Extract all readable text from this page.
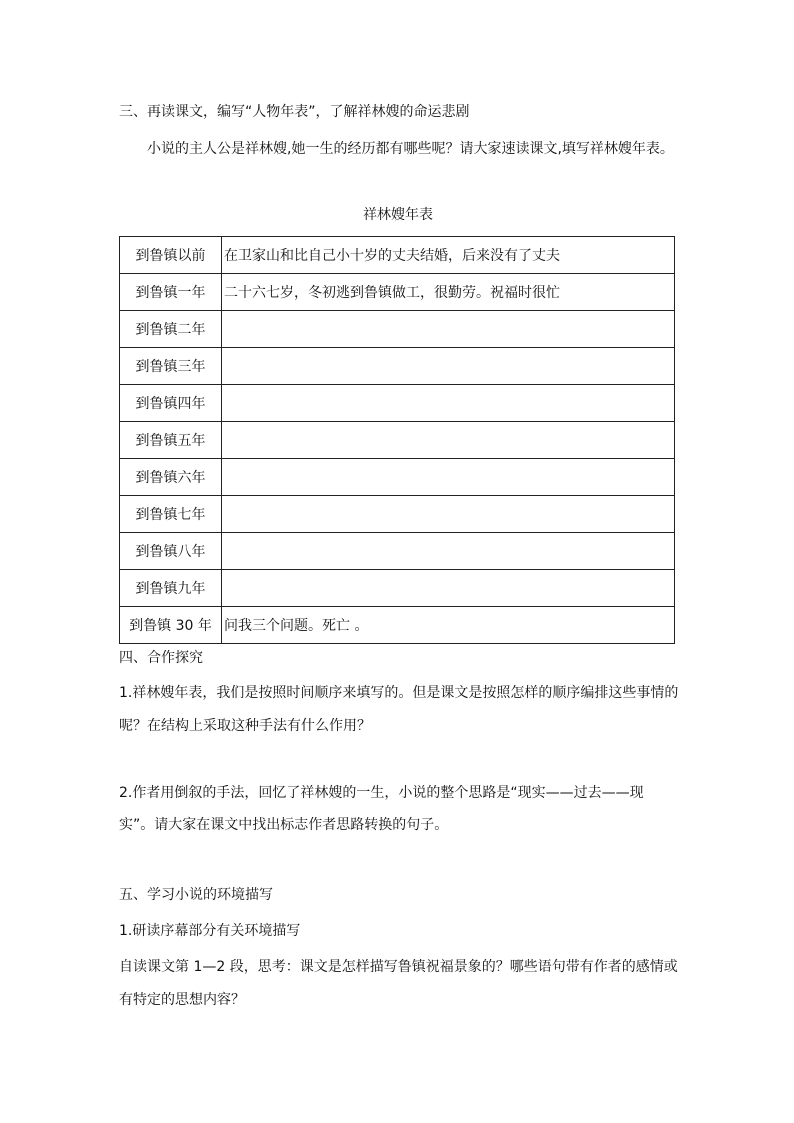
三、再读课文，编写“人物年表”，了解祥林嫂的命运悲剧
小说的主人公是祥林嫂,她一生的经历都有哪些呢？请大家速读课文,填写祥林嫂年表。
祥林嫂年表
到鲁镇以前	在卫家山和比自己小十岁的丈夫结婚，后来没有了丈夫
到鲁镇一年	二十六七岁，冬初逃到鲁镇做工，很勤劳。祝福时很忙
到鲁镇二年	
到鲁镇三年	
到鲁镇四年	
到鲁镇五年	
到鲁镇六年	
到鲁镇七年	
到鲁镇八年	
到鲁镇九年	
到鲁镇 30 年	问我三个问题。死亡 。
四、合作探究
1.祥林嫂年表，我们是按照时间顺序来填写的。但是课文是按照怎样的顺序编排这些事情的
呢？在结构上采取这种手法有什么作用？
2.作者用倒叙的手法，回忆了祥林嫂的一生，小说的整个思路是“现实——过去——现
实”。请大家在课文中找出标志作者思路转换的句子。
五、学习小说的环境描写
1.研读序幕部分有关环境描写
自读课文第 1—2 段，思考：课文是怎样描写鲁镇祝福景象的？哪些语句带有作者的感情或
有特定的思想内容？
